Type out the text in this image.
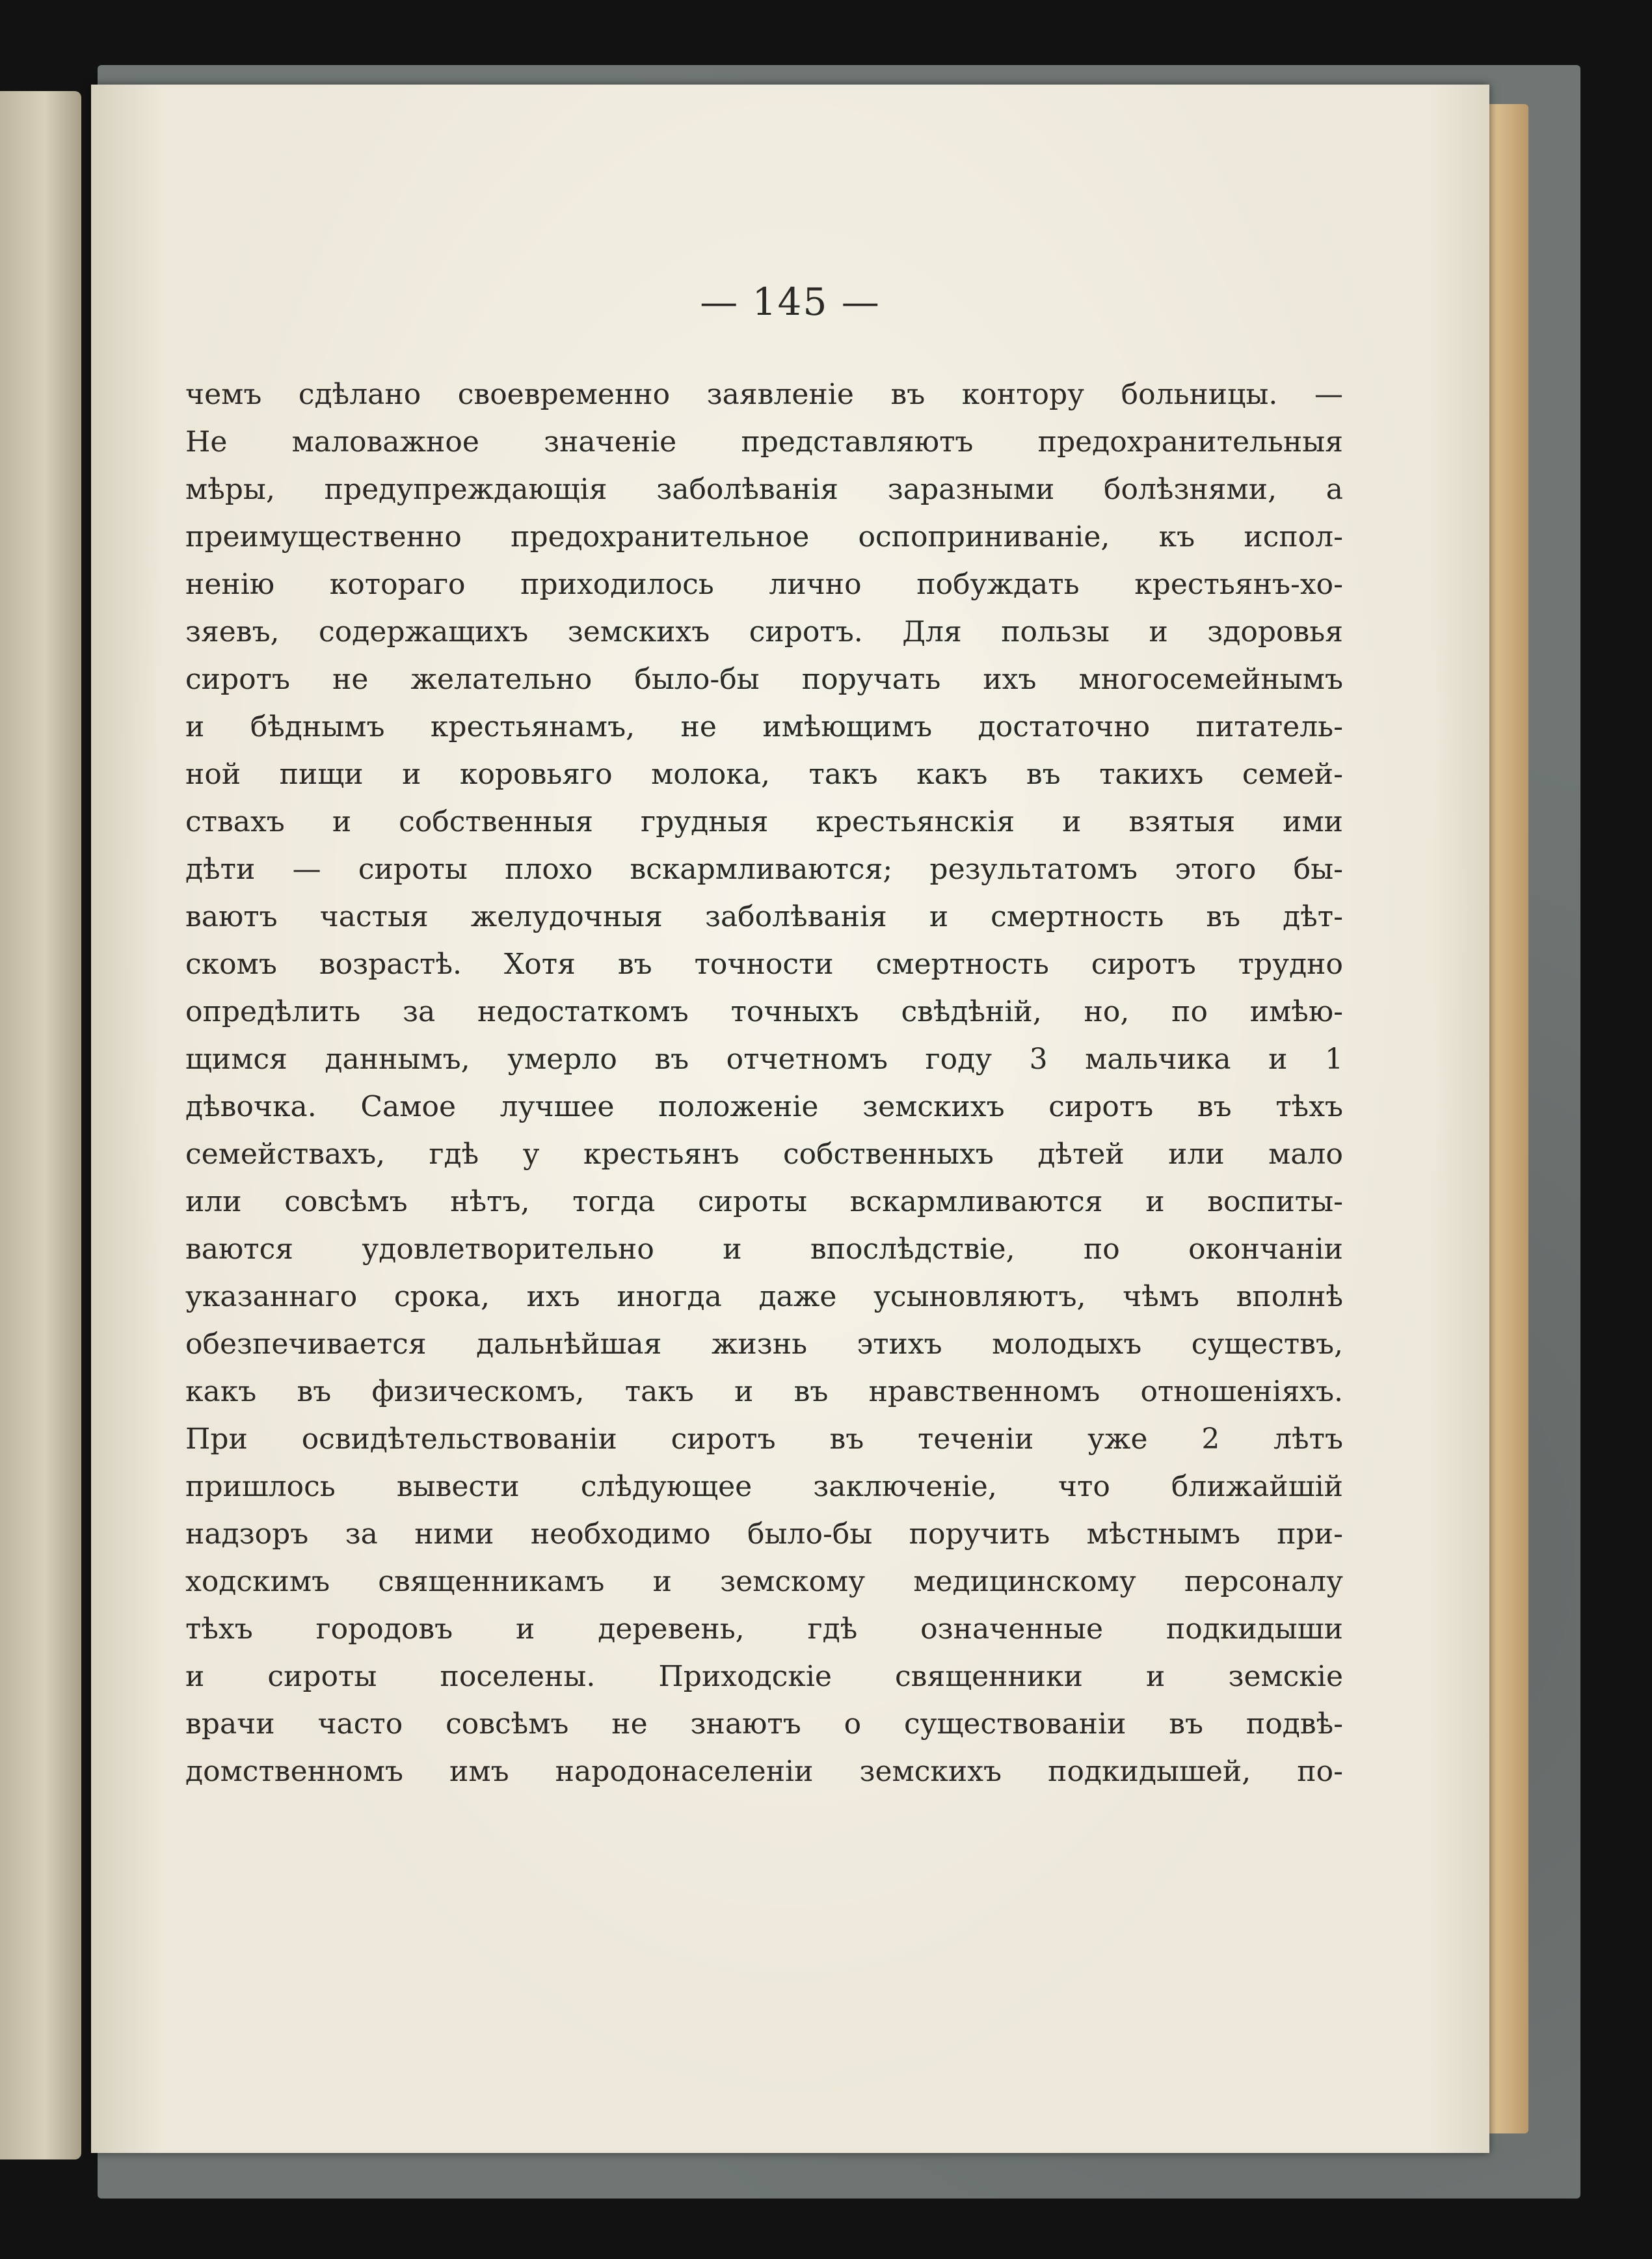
— 145 —
чемъ сдѣлано своевременно заявленіе въ контору больницы. —
Не маловажное значеніе представляютъ предохранительныя
мѣры, предупреждающія заболѣванія заразными болѣзнями, а
преимущественно предохранительное оспоприниваніе, къ испол-
ненію котораго приходилось лично побуждать крестьянъ-хо-
зяевъ, содержащихъ земскихъ сиротъ. Для пользы и здоровья
сиротъ не желательно было-бы поручать ихъ многосемейнымъ
и бѣднымъ крестьянамъ, не имѣющимъ достаточно питатель-
ной пищи и коровьяго молока, такъ какъ въ такихъ семей-
ствахъ и собственныя грудныя крестьянскія и взятыя ими
дѣти — сироты плохо вскармливаются; результатомъ этого бы-
ваютъ частыя желудочныя заболѣванія и смертность въ дѣт-
скомъ возрастѣ. Хотя въ точности смертность сиротъ трудно
опредѣлить за недостаткомъ точныхъ свѣдѣній, но, по имѣю-
щимся даннымъ, умерло въ отчетномъ году 3 мальчика и 1
дѣвочка. Самое лучшее положеніе земскихъ сиротъ въ тѣхъ
семействахъ, гдѣ у крестьянъ собственныхъ дѣтей или мало
или совсѣмъ нѣтъ, тогда сироты вскармливаются и воспиты-
ваются удовлетворительно и впослѣдствіе, по окончаніи
указаннаго срока, ихъ иногда даже усыновляютъ, чѣмъ вполнѣ
обезпечивается дальнѣйшая жизнь этихъ молодыхъ существъ,
какъ въ физическомъ, такъ и въ нравственномъ отношеніяхъ.
При освидѣтельствованіи сиротъ въ теченіи уже 2 лѣтъ
пришлось вывести слѣдующее заключеніе, что ближайшій
надзоръ за ними необходимо было-бы поручить мѣстнымъ при-
ходскимъ священникамъ и земскому медицинскому персоналу
тѣхъ городовъ и деревень, гдѣ означенные подкидыши
и сироты поселены. Приходскіе священники и земскіе
врачи часто совсѣмъ не знаютъ о существованіи въ подвѣ-
домственномъ имъ народонаселеніи земскихъ подкидышей, по-
